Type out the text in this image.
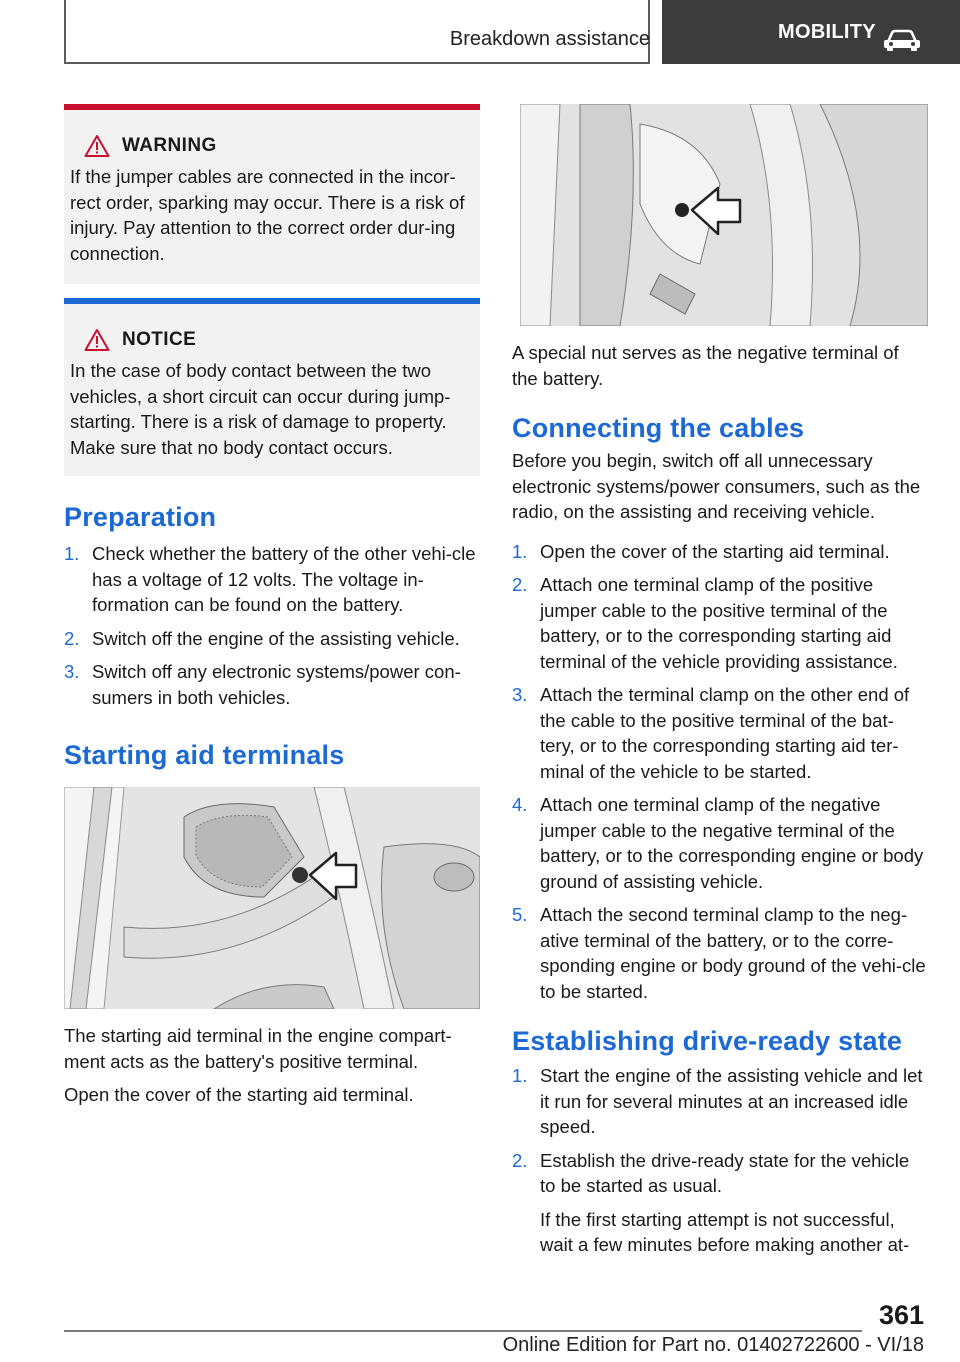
Breakdown assistance	MOBILITY
WARNING

If the jumper cables are connected in the incor-rect order, sparking may occur. There is a risk of injury. Pay attention to the correct order dur-ing connection.

NOTICE

In the case of body contact between the two vehicles, a short circuit can occur during jump-starting. There is a risk of damage to property. Make sure that no body contact occurs.

Preparation
1. Check whether the battery of the other vehi-cle has a voltage of 12 volts. The voltage in-formation can be found on the battery.
2. Switch off the engine of the assisting vehicle.
3. Switch off any electronic systems/power con-sumers in both vehicles.
Starting aid terminals

The starting aid terminal in the engine compart-ment acts as the battery's positive terminal.

Open the cover of the starting aid terminal.

A special nut serves as the negative terminal of the battery.

Connecting the cables

Before you begin, switch off all unnecessary electronic systems/power consumers, such as the radio, on the assisting and receiving vehicle.

1. Open the cover of the starting aid terminal.
2. Attach one terminal clamp of the positive jumper cable to the positive terminal of the battery, or to the corresponding starting aid terminal of the vehicle providing assistance.
3. Attach the terminal clamp on the other end of the cable to the positive terminal of the bat-tery, or to the corresponding starting aid ter-minal of the vehicle to be started.
4. Attach one terminal clamp of the negative jumper cable to the negative terminal of the battery, or to the corresponding engine or body ground of assisting vehicle.
5. Attach the second terminal clamp to the neg-ative terminal of the battery, or to the corre-sponding engine or body ground of the vehi-cle to be started.
Establishing drive-ready state
1. Start the engine of the assisting vehicle and let it run for several minutes at an increased idle speed.
2. Establish the drive-ready state for the vehicle to be started as usual.

If the first starting attempt is not successful, wait a few minutes before making another at-

361
Online Edition for Part no. 01402722600 - VI/18
